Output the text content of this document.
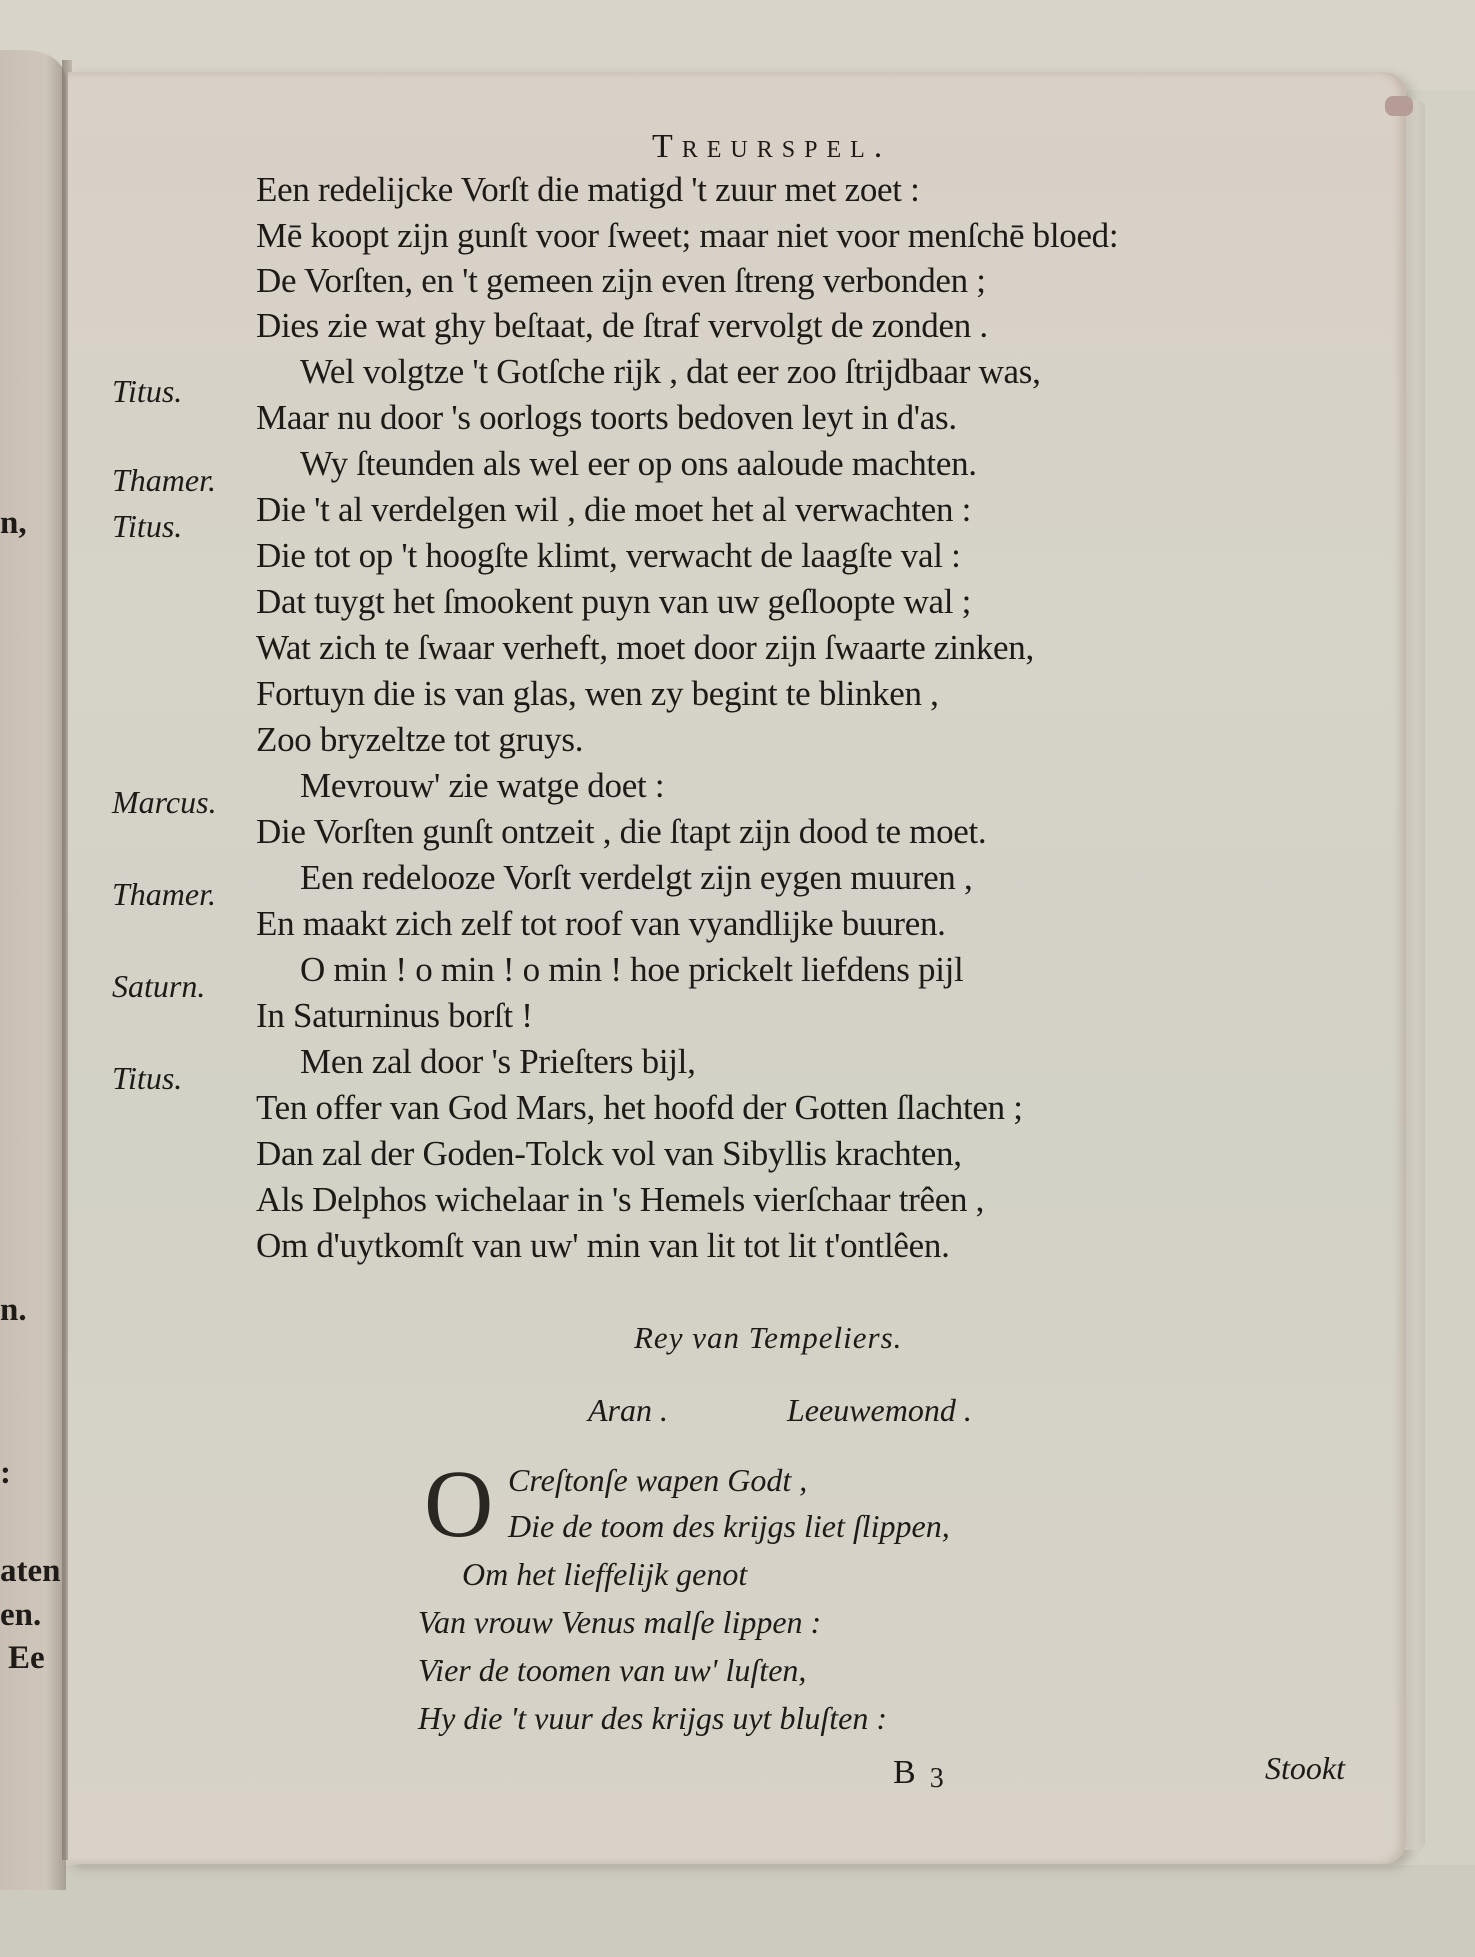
n,
n.
:
aten
en.
Ee
Treurspel.
Titus.
Thamer.
Titus.
Marcus.
Thamer.
Saturn.
Titus.
Een redelijcke Vorſt die matigd 't zuur met zoet :
Mē koopt zijn gunſt voor ſweet; maar niet voor menſchē bloed:
De Vorſten, en 't gemeen zijn even ſtreng verbonden ;
Dies zie wat ghy beſtaat, de ſtraf vervolgt de zonden .
Wel volgtze 't Gotſche rijk , dat eer zoo ſtrijdbaar was,
Maar nu door 's oorlogs toorts bedoven leyt in d'as.
Wy ſteunden als wel eer op ons aaloude machten.
Die 't al verdelgen wil , die moet het al verwachten :
Die tot op 't hoogſte klimt, verwacht de laagſte val :
Dat tuygt het ſmookent puyn van uw geſloopte wal ;
Wat zich te ſwaar verheft, moet door zijn ſwaarte zinken,
Fortuyn die is van glas, wen zy begint te blinken ,
Zoo bryzeltze tot gruys.
Mevrouw' zie watge doet :
Die Vorſten gunſt ontzeit , die ſtapt zijn dood te moet.
Een redelooze Vorſt verdelgt zijn eygen muuren ,
En maakt zich zelf tot roof van vyandlijke buuren.
O min ! o min ! o min ! hoe prickelt liefdens pijl
In Saturninus borſt !
Men zal door 's Prieſters bijl,
Ten offer van God Mars, het hoofd der Gotten ſlachten ;
Dan zal der Goden-Tolck vol van Sibyllis krachten,
Als Delphos wichelaar in 's Hemels vierſchaar trêen ,
Om d'uytkomſt van uw' min van lit tot lit t'ontlêen.
Rey van Tempeliers.
Aran .	Leeuwemond .
O Creſtonſe wapen Godt ,
Die de toom des krijgs liet ſlippen,
Om het lieffelijk genot
Van vrouw Venus malſe lippen :
Vier de toomen van uw' luſten,
Hy die 't vuur des krijgs uyt bluſten :
B 3	Stookt
